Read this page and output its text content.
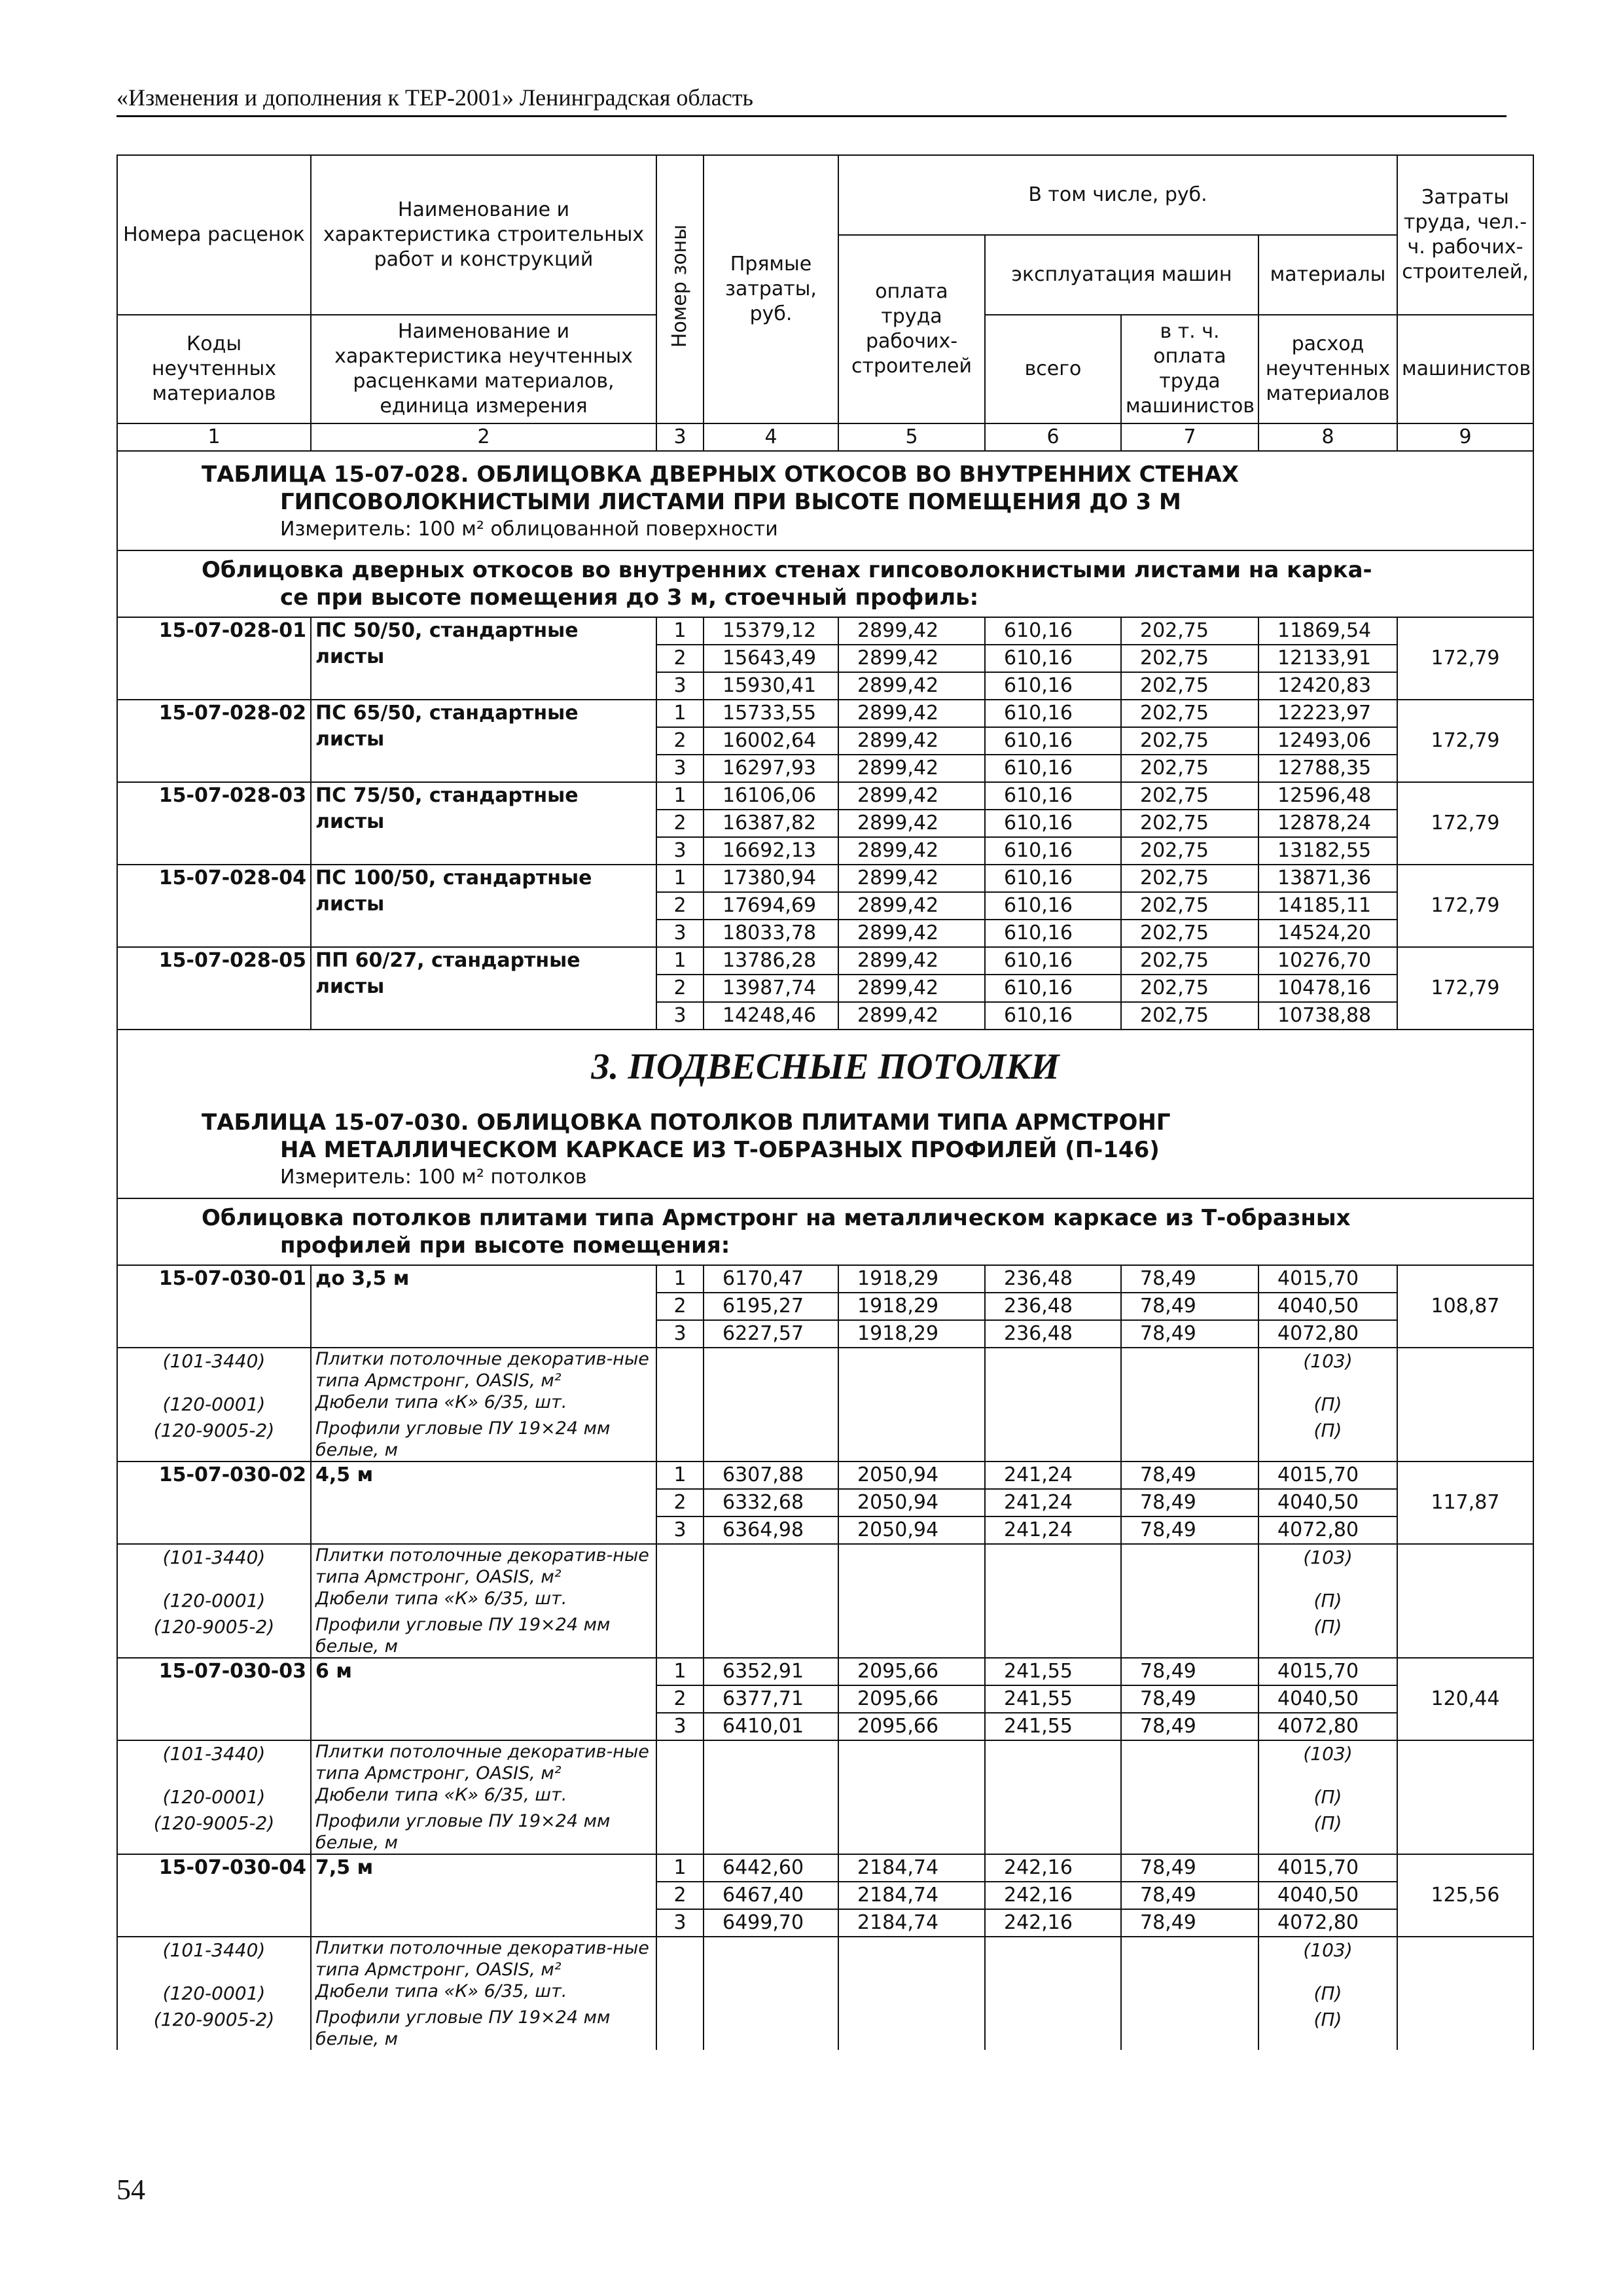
«Изменения и дополнения к ТЕР-2001» Ленинградская область
Номера расценок	Наименование и характеристика строительных работ и конструкций	Номер зоны	Прямые затраты, руб.	В том числе, руб.				Затраты труда, чел.-ч. рабочих-строителей,
				оплата труда рабочих-строителей	эксплуатация машин		материалы	
Коды неучтенных материалов	Наименование и характеристика неучтенных расценками материалов, единица измерения				всего	в т. ч. оплата труда машинистов	расход неучтенных материалов	машинистов

1	2	3	4	5	6	7	8	9
ТАБЛИЦА 15-07-028. ОБЛИЦОВКА ДВЕРНЫХ ОТКОСОВ ВО ВНУТРЕННИХ СТЕНАХ
ГИПСОВОЛОКНИСТЫМИ ЛИСТАМИ ПРИ ВЫСОТЕ ПОМЕЩЕНИЯ ДО 3 М
Измеритель: 100 м² облицованной поверхности								

Облицовка дверных откосов во внутренних стенах гипсоволокнистыми листами на карка-
се при высоте помещения до 3 м, стоечный профиль:								

15-07-028-01	ПС 50/50, стандартные листы	1	15379,12	2899,42	610,16	202,75	11869,54	172,79
		2	15643,49	2899,42	610,16	202,75	12133,91	
		3	15930,41	2899,42	610,16	202,75	12420,83	
15-07-028-02	ПС 65/50, стандартные листы	1	15733,55	2899,42	610,16	202,75	12223,97	172,79
		2	16002,64	2899,42	610,16	202,75	12493,06	
		3	16297,93	2899,42	610,16	202,75	12788,35	
15-07-028-03	ПС 75/50, стандартные листы	1	16106,06	2899,42	610,16	202,75	12596,48	172,79
		2	16387,82	2899,42	610,16	202,75	12878,24	
		3	16692,13	2899,42	610,16	202,75	13182,55	
15-07-028-04	ПС 100/50, стандартные листы	1	17380,94	2899,42	610,16	202,75	13871,36	172,79
		2	17694,69	2899,42	610,16	202,75	14185,11	
		3	18033,78	2899,42	610,16	202,75	14524,20	
15-07-028-05	ПП 60/27, стандартные листы	1	13786,28	2899,42	610,16	202,75	10276,70	172,79
		2	13987,74	2899,42	610,16	202,75	10478,16	
		3	14248,46	2899,42	610,16	202,75	10738,88	
3. ПОДВЕСНЫЕ ПОТОЛКИ								
ТАБЛИЦА 15-07-030. ОБЛИЦОВКА ПОТОЛКОВ ПЛИТАМИ ТИПА АРМСТРОНГ
НА МЕТАЛЛИЧЕСКОМ КАРКАСЕ ИЗ Т-ОБРАЗНЫХ ПРОФИЛЕЙ (П-146)
Измеритель: 100 м² потолков								

Облицовка потолков плитами типа Армстронг на металлическом каркасе из Т-образных
профилей при высоте помещения:								

15-07-030-01	до 3,5 м	1	6170,47	1918,29	236,48	78,49	4015,70	108,87
		2	6195,27	1918,29	236,48	78,49	4040,50	
		3	6227,57	1918,29	236,48	78,49	4072,80	
(101-3440)	Плитки потолочные декоратив-ные типа Армстронг, OASIS, м²						(103)	
(120-0001)	Дюбели типа «К» 6/35, шт.						(П)	
(120-9005-2)	Профили угловые ПУ 19×24 мм белые, м						(П)	
15-07-030-02	4,5 м	1	6307,88	2050,94	241,24	78,49	4015,70	117,87
		2	6332,68	2050,94	241,24	78,49	4040,50	
		3	6364,98	2050,94	241,24	78,49	4072,80	
(101-3440)	Плитки потолочные декоратив-ные типа Армстронг, OASIS, м²						(103)	
(120-0001)	Дюбели типа «К» 6/35, шт.						(П)	
(120-9005-2)	Профили угловые ПУ 19×24 мм белые, м						(П)	
15-07-030-03	6 м	1	6352,91	2095,66	241,55	78,49	4015,70	120,44
		2	6377,71	2095,66	241,55	78,49	4040,50	
		3	6410,01	2095,66	241,55	78,49	4072,80	
(101-3440)	Плитки потолочные декоратив-ные типа Армстронг, OASIS, м²						(103)	
(120-0001)	Дюбели типа «К» 6/35, шт.						(П)	
(120-9005-2)	Профили угловые ПУ 19×24 мм белые, м						(П)	
15-07-030-04	7,5 м	1	6442,60	2184,74	242,16	78,49	4015,70	125,56
		2	6467,40	2184,74	242,16	78,49	4040,50	
		3	6499,70	2184,74	242,16	78,49	4072,80	
(101-3440)	Плитки потолочные декоратив-ные типа Армстронг, OASIS, м²						(103)	
(120-0001)	Дюбели типа «К» 6/35, шт.						(П)	
(120-9005-2)	Профили угловые ПУ 19×24 мм белые, м						(П)	
54
